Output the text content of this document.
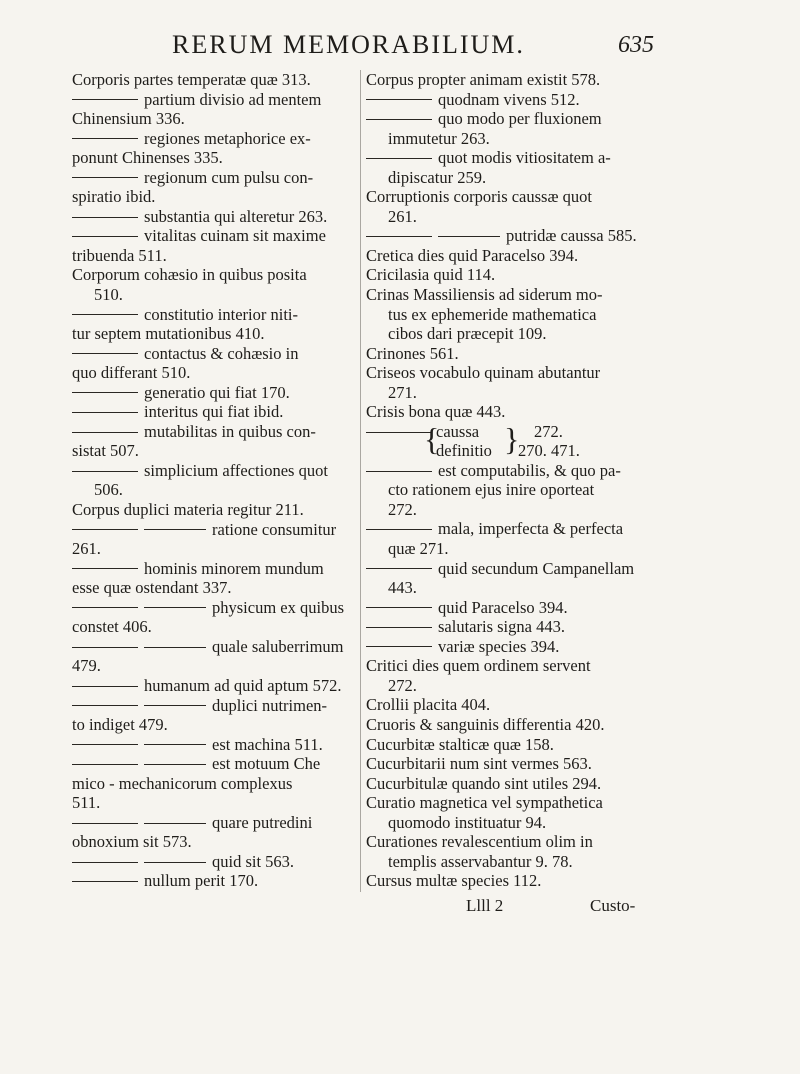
RERUM MEMORABILIUM.	635
Corporis partes temperatæ quæ 313.
partium divisio ad mentem
Chinensium 336.
regiones metaphorice ex-
ponunt Chinenses 335.
regionum cum pulsu con-
spiratio ibid.
substantia qui alteretur 263.
vitalitas cuinam sit maxime
tribuenda 511.
Corporum cohæsio in quibus posita
510.
constitutio interior niti-
tur septem mutationibus 410.
contactus & cohæsio in
quo differant 510.
generatio qui fiat 170.
interitus qui fiat ibid.
mutabilitas in quibus con-
sistat 507.
simplicium affectiones quot
506.
Corpus duplici materia regitur 211.
ratione consumitur
261.
hominis minorem mundum
esse quæ ostendant 337.
physicum ex quibus
constet 406.
quale saluberrimum
479.
humanum ad quid aptum 572.
duplici nutrimen-
to indiget 479.
est machina 511.
est motuum Che
mico - mechanicorum complexus
511.
quare putredini
obnoxium sit 573.
quid sit 563.
nullum perit 170.
Corpus propter animam existit 578.
quodnam vivens 512.
quo modo per fluxionem
immutetur 263.
quot modis vitiositatem a-
dipiscatur 259.
Corruptionis corporis caussæ quot
261.
putridæ caussa 585.
Cretica dies quid Paracelso 394.
Cricilasia quid 114.
Crinas Massiliensis ad siderum mo-
tus ex ephemeride mathematica
cibos dari præcepit 109.
Crinones 561.
Criseos vocabulo quinam abutantur
271.
Crisis bona quæ 443.
{
caussa
definitio } 272.
270. 471.
est computabilis, & quo pa-
cto rationem ejus inire oporteat
272.
mala, imperfecta & perfecta
quæ 271.
quid secundum Campanellam
443.
quid Paracelso 394.
salutaris signa 443.
variæ species 394.
Critici dies quem ordinem servent
272.
Crollii placita 404.
Cruoris & sanguinis differentia 420.
Cucurbitæ stalticæ quæ 158.
Cucurbitarii num sint vermes 563.
Cucurbitulæ quando sint utiles 294.
Curatio magnetica vel sympathetica
quomodo instituatur 94.
Curationes revalescentium olim in
templis asservabantur 9. 78.
Cursus multæ species 112.
Llll 2	Custo-
